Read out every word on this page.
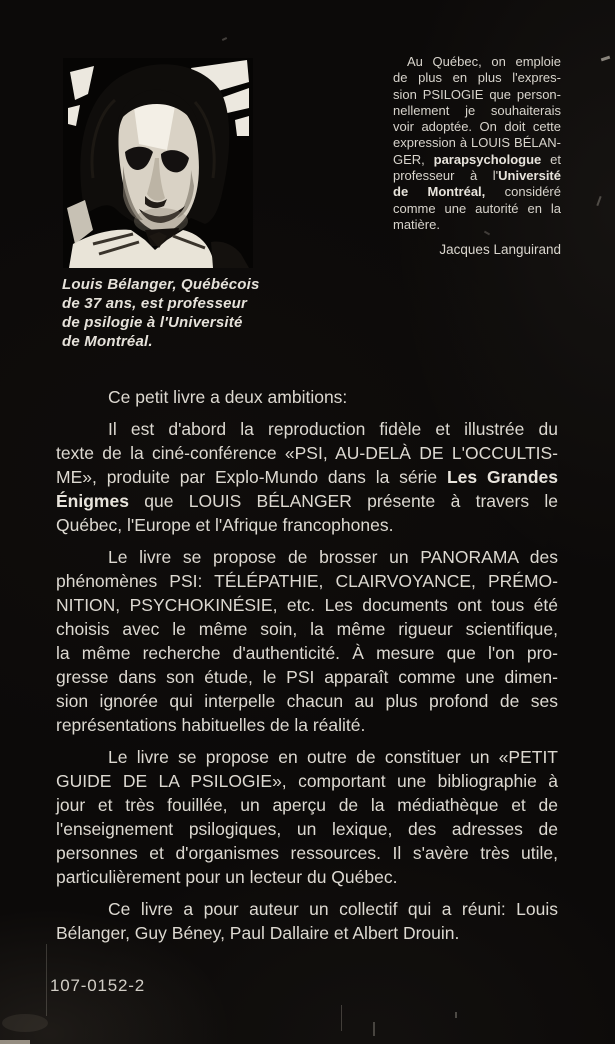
Louis Bélanger, Québécois
de 37 ans, est professeur
de psilogie à l'Université
de Montréal.
Au Québec, on emploie
de plus en plus l'expres-
sion PSILOGIE que person-
nellement je souhaiterais
voir adoptée. On doit cette
expression à LOUIS BÉLAN-
GER, parapsychologue et
professeur à l'Université
de Montréal, considéré
comme une autorité en la
matière.
Jacques Languirand
Ce petit livre a deux ambitions:
Il est d'abord la reproduction fidèle et illustrée du
texte de la ciné-conférence «PSI, AU-DELÀ DE L'OCCULTIS-
ME», produite par Explo-Mundo dans la série Les Grandes
Énigmes que LOUIS BÉLANGER présente à travers le
Québec, l'Europe et l'Afrique francophones.
Le livre se propose de brosser un PANORAMA des
phénomènes PSI: TÉLÉPATHIE, CLAIRVOYANCE, PRÉMO-
NITION, PSYCHOKINÉSIE, etc. Les documents ont tous été
choisis avec le même soin, la même rigueur scientifique,
la même recherche d'authenticité. À mesure que l'on pro-
gresse dans son étude, le PSI apparaît comme une dimen-
sion ignorée qui interpelle chacun au plus profond de ses
représentations habituelles de la réalité.
Le livre se propose en outre de constituer un «PETIT
GUIDE DE LA PSILOGIE», comportant une bibliographie à
jour et très fouillée, un aperçu de la médiathèque et de
l'enseignement psilogiques, un lexique, des adresses de
personnes et d'organismes ressources. Il s'avère très utile,
particulièrement pour un lecteur du Québec.
Ce livre a pour auteur un collectif qui a réuni: Louis
Bélanger, Guy Béney, Paul Dallaire et Albert Drouin.
107-0152-2
